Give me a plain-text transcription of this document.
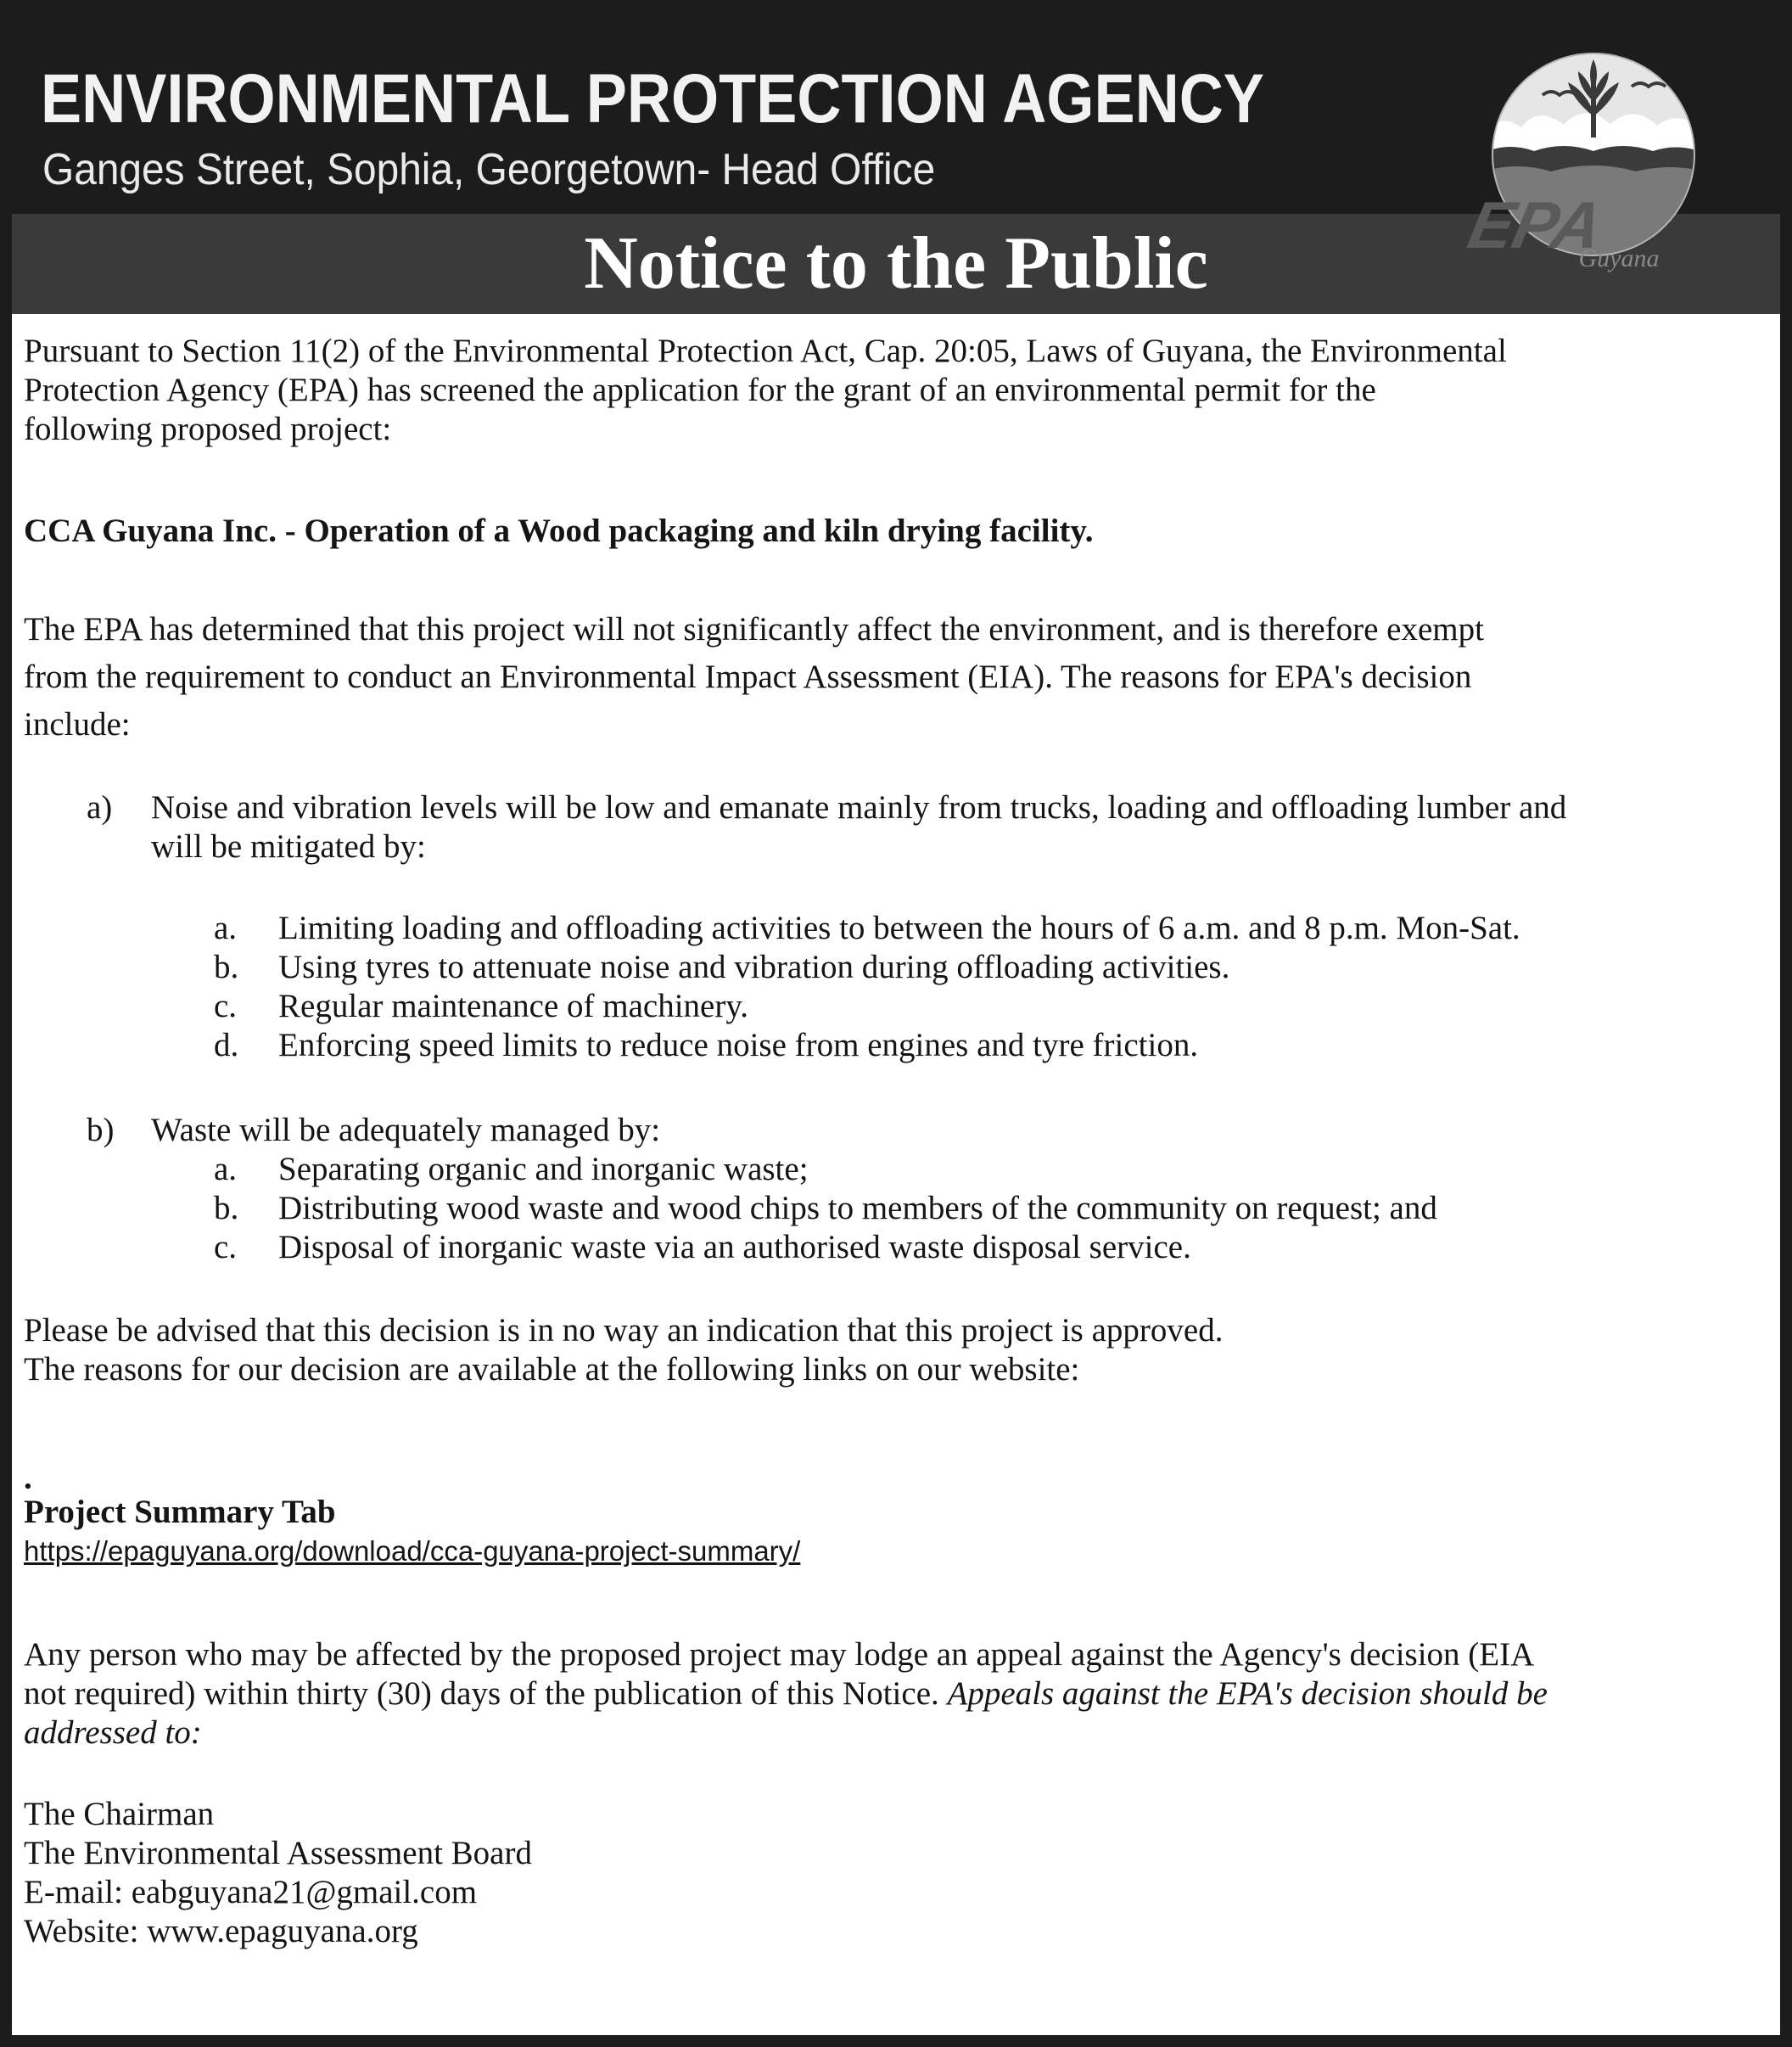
ENVIRONMENTAL PROTECTION AGENCY
Ganges Street, Sophia, Georgetown- Head Office
Notice to the Public	EPA
Guyana
Pursuant to Section 11(2) of the Environmental Protection Act, Cap. 20:05, Laws of Guyana, the Environmental
Protection Agency (EPA) has screened the application for the grant of an environmental permit for the
following proposed project:
CCA Guyana Inc. - Operation of a Wood packaging and kiln drying facility.
The EPA has determined that this project will not significantly affect the environment, and is therefore exempt
from the requirement to conduct an Environmental Impact Assessment (EIA). The reasons for EPA's decision
include:
a) Noise and vibration levels will be low and emanate mainly from trucks, loading and offloading lumber and
will be mitigated by:
a. Limiting loading and offloading activities to between the hours of 6 a.m. and 8 p.m. Mon-Sat.
b. Using tyres to attenuate noise and vibration during offloading activities.
c. Regular maintenance of machinery.
d. Enforcing speed limits to reduce noise from engines and tyre friction.
b) Waste will be adequately managed by:
a. Separating organic and inorganic waste;
b. Distributing wood waste and wood chips to members of the community on request; and
c. Disposal of inorganic waste via an authorised waste disposal service.
Please be advised that this decision is in no way an indication that this project is approved.
The reasons for our decision are available at the following links on our website:
.
Project Summary Tab
https://epaguyana.org/download/cca-guyana-project-summary/
Any person who may be affected by the proposed project may lodge an appeal against the Agency's decision (EIA
not required) within thirty (30) days of the publication of this Notice. Appeals against the EPA's decision should be
addressed to:
The Chairman
The Environmental Assessment Board
E-mail: eabguyana21@gmail.com
Website: www.epaguyana.org
